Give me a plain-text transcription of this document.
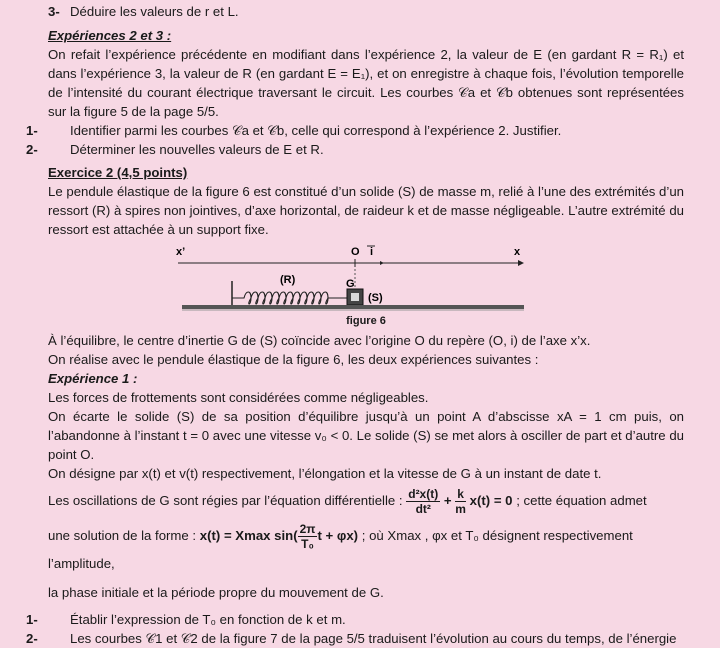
3- Déduire les valeurs de r et L.

Expériences 2 et 3 :

On refait l’expérience précédente en modifiant dans l’expérience 2, la valeur de E (en gardant R = R₁) et dans l’expérience 3, la valeur de R (en gardant E = E₁), et on enregistre à chaque fois, l’évolution temporelle de l’intensité du courant électrique traversant le circuit. Les courbes 𝒞a et 𝒞b obtenues sont représentées sur la figure 5 de la page 5/5.

1- Identifier parmi les courbes 𝒞a et 𝒞b, celle qui correspond à l’expérience 2. Justifier.

2- Déterminer les nouvelles valeurs de E et R.

Exercice 2 (4,5 points)

Le pendule élastique de la figure 6 est constitué d’un solide (S) de masse m, relié à l’une des extrémités d’un ressort (R) à spires non jointives, d’axe horizontal, de raideur k et de masse négligeable. L’autre extrémité du ressort est attachée à un support fixe.

x’	O i	x
(R)	G
(S)
figure 6

À l’équilibre, le centre d’inertie G de (S) coïncide avec l’origine O du repère (O, i) de l’axe x’x.

On réalise avec le pendule élastique de la figure 6, les deux expériences suivantes :

Expérience 1 :

Les forces de frottements sont considérées comme négligeables.

On écarte le solide (S) de sa position d’équilibre jusqu’à un point A d’abscisse xA = 1 cm puis, on l’abandonne à l’instant t = 0 avec une vitesse v₀ < 0. Le solide (S) se met alors à osciller de part et d’autre du point O.

On désigne par x(t) et v(t) respectivement, l’élongation et la vitesse de G à un instant de date t.

Les oscillations de G sont régies par l’équation différentielle : $\frac{\text{d²x(t)}}{\text{dt²}} + \frac{k}{m} x(t) = 0$ ; cette équation admet

une solution de la forme : x(t) = Xmax $\sin( \frac{2\pi}{\text{T₀}}$ t + φx) ; où Xmax , φx et T₀ désignent respectivement l’amplitude,

la phase initiale et la période propre du mouvement de G.

1- Établir l’expression de T₀ en fonction de k et m.

2- Les courbes 𝒞1 et 𝒞2 de la figure 7 de la page 5/5 traduisent l’évolution au cours du temps, de l’énergie
